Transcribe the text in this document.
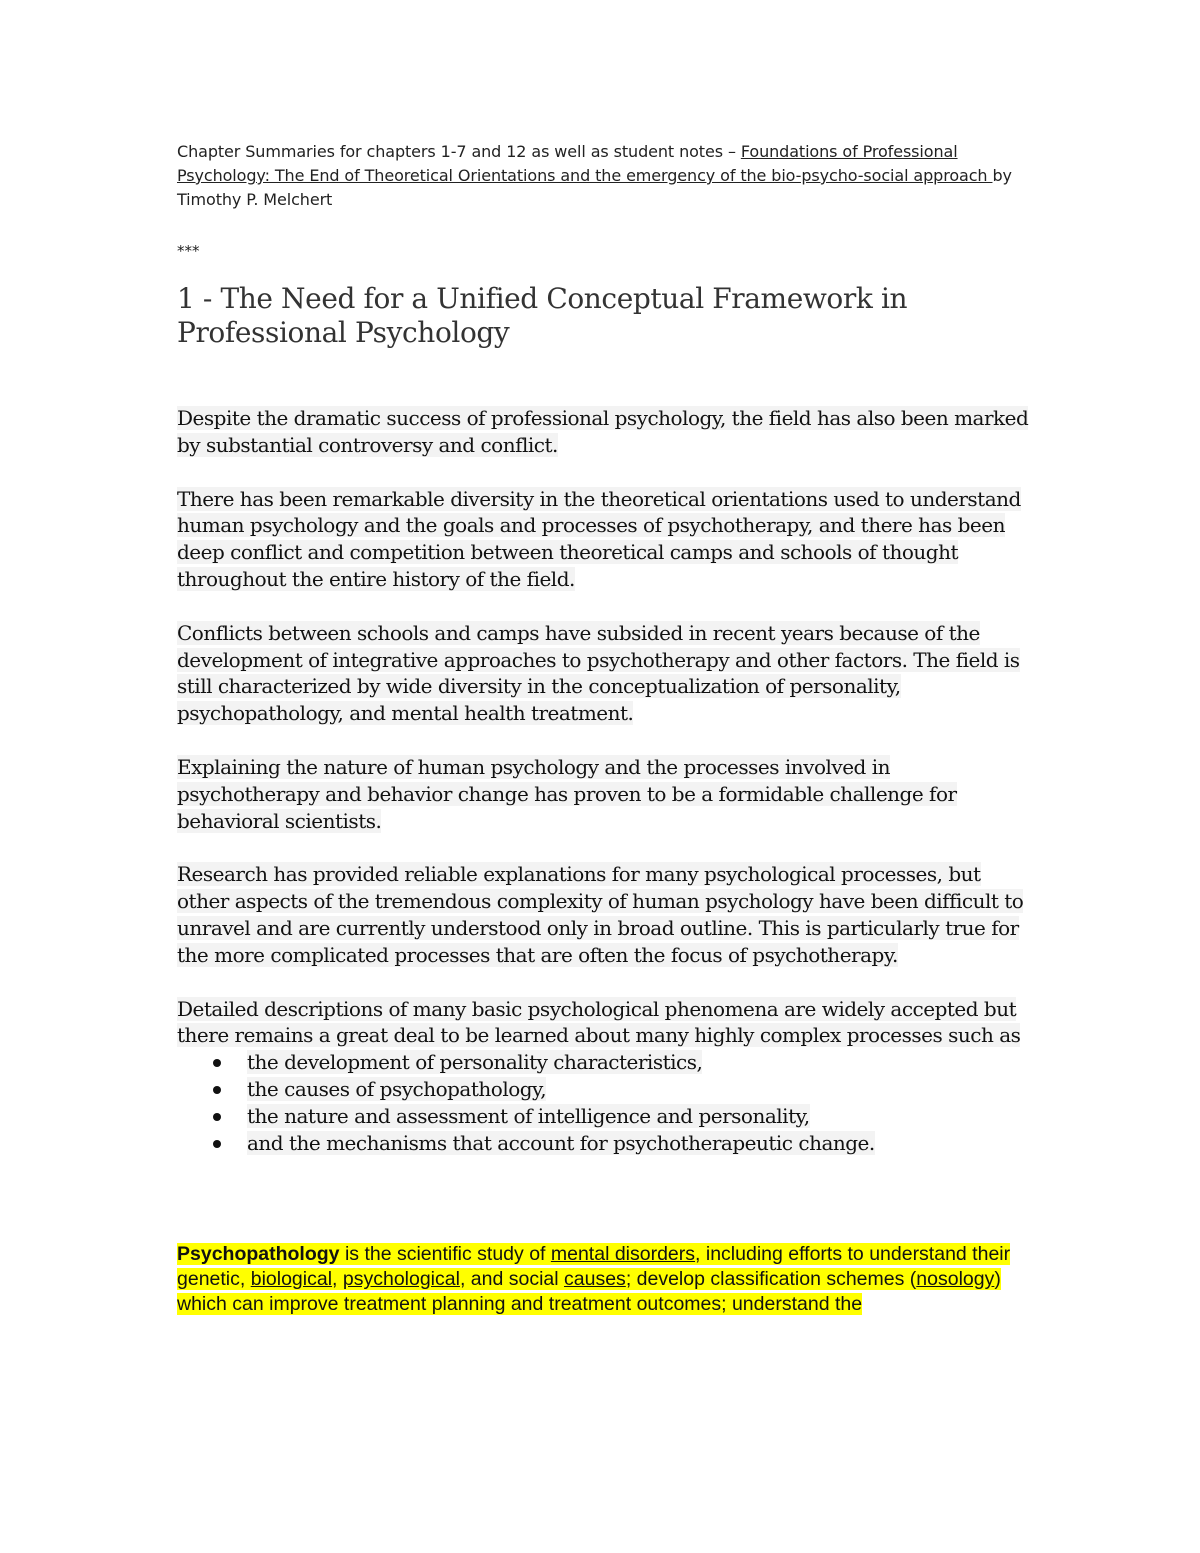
Chapter Summaries for chapters 1-7 and 12 as well as student notes – Foundations of Professional Psychology: The End of Theoretical Orientations and the emergency of the bio-psycho-social approach by Timothy P. Melchert
***
1 - The Need for a Unified Conceptual Framework in Professional Psychology
Despite the dramatic success of professional psychology, the field has also been marked by substantial controversy and conflict.
There has been remarkable diversity in the theoretical orientations used to understand human psychology and the goals and processes of psychotherapy, and there has been deep conflict and competition between theoretical camps and schools of thought throughout the entire history of the field.
Conflicts between schools and camps have subsided in recent years because of the development of integrative approaches to psychotherapy and other factors. The field is still characterized by wide diversity in the conceptualization of personality, psychopathology, and mental health treatment.
Explaining the nature of human psychology and the processes involved in psychotherapy and behavior change has proven to be a formidable challenge for behavioral scientists.
Research has provided reliable explanations for many psychological processes, but other aspects of the tremendous complexity of human psychology have been difficult to unravel and are currently understood only in broad outline. This is particularly true for the more complicated processes that are often the focus of psychotherapy.
Detailed descriptions of many basic psychological phenomena are widely accepted but there remains a great deal to be learned about many highly complex processes such as
the development of personality characteristics,
the causes of psychopathology,
the nature and assessment of intelligence and personality,
and the mechanisms that account for psychotherapeutic change.
Psychopathology is the scientific study of mental disorders, including efforts to understand their genetic, biological, psychological, and social causes; develop classification schemes (nosology) which can improve treatment planning and treatment outcomes; understand the
